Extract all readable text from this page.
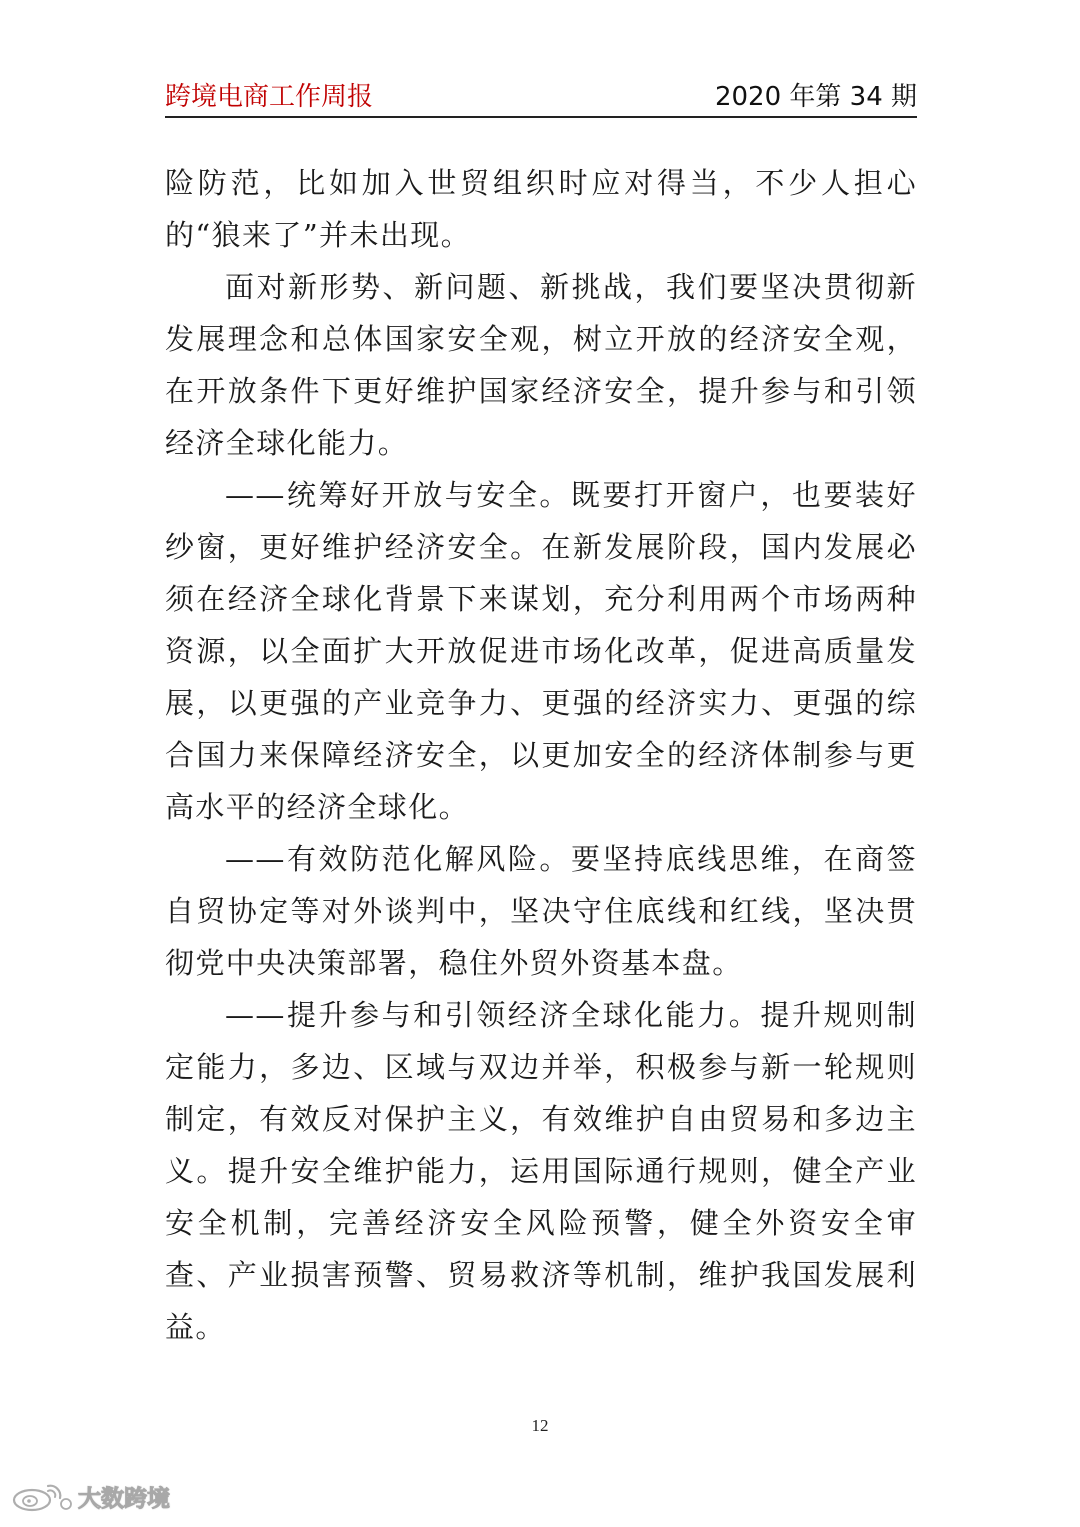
跨境电商工作周报	2020 年第 34 期

险防范，比如加入世贸组织时应对得当，不少人担心的“狼来了”并未出现。

面对新形势、新问题、新挑战，我们要坚决贯彻新发展理念和总体国家安全观，树立开放的经济安全观，在开放条件下更好维护国家经济安全，提升参与和引领经济全球化能力。

——统筹好开放与安全。既要打开窗户，也要装好纱窗，更好维护经济安全。在新发展阶段，国内发展必须在经济全球化背景下来谋划，充分利用两个市场两种资源，以全面扩大开放促进市场化改革，促进高质量发展，以更强的产业竞争力、更强的经济实力、更强的综合国力来保障经济安全，以更加安全的经济体制参与更高水平的经济全球化。

——有效防范化解风险。要坚持底线思维，在商签自贸协定等对外谈判中，坚决守住底线和红线，坚决贯彻党中央决策部署，稳住外贸外资基本盘。

——提升参与和引领经济全球化能力。提升规则制定能力，多边、区域与双边并举，积极参与新一轮规则制定，有效反对保护主义，有效维护自由贸易和多边主义。提升安全维护能力，运用国际通行规则，健全产业安全机制，完善经济安全风险预警，健全外资安全审查、产业损害预警、贸易救济等机制，维护我国发展利益。

12
大数跨境
